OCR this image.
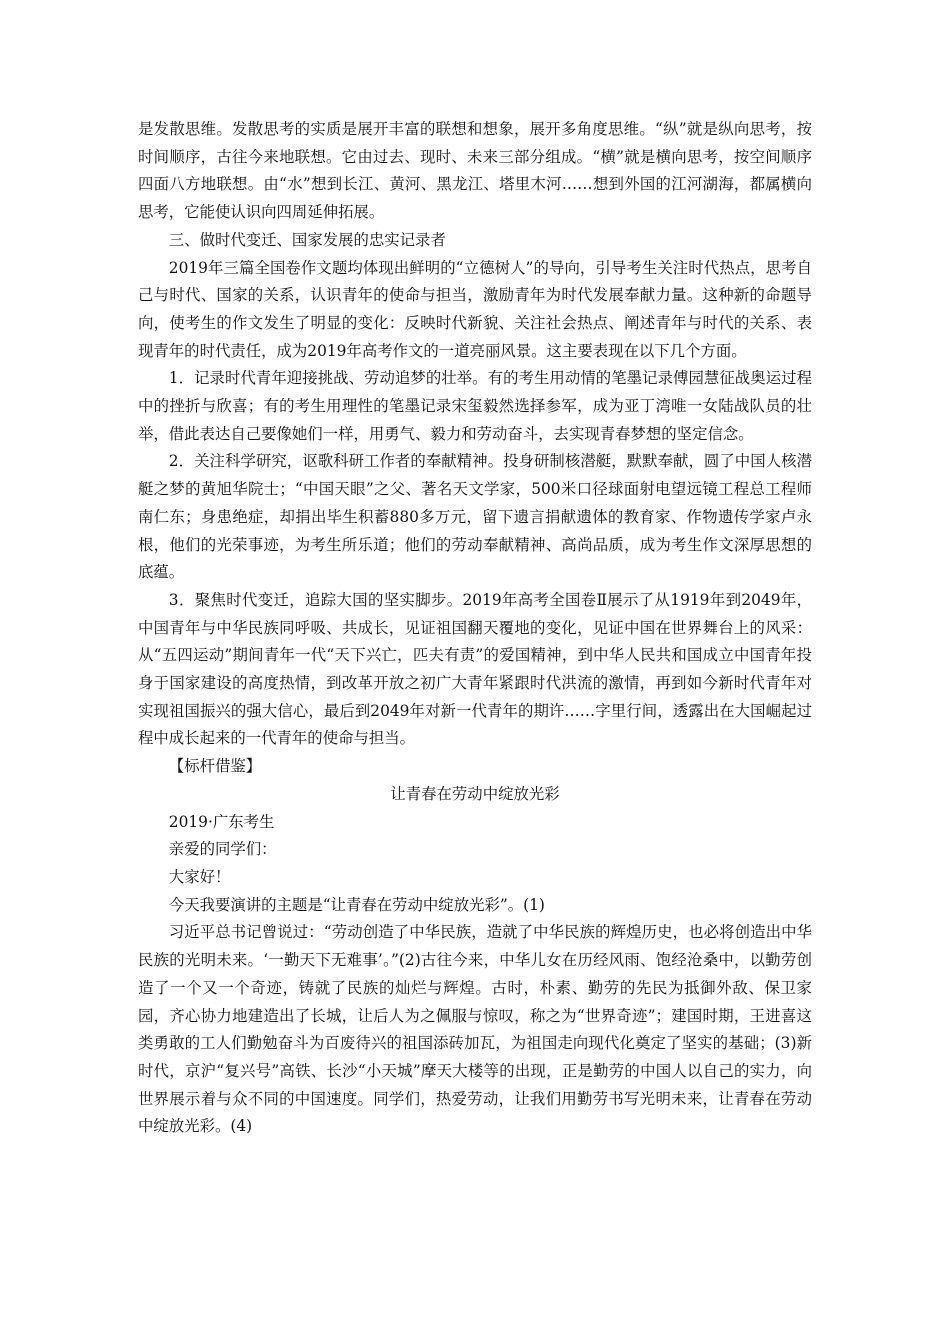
是发散思维。发散思考的实质是展开丰富的联想和想象，展开多角度思维。“纵”就是纵向思考，按时间顺序，古往今来地联想。它由过去、现时、未来三部分组成。“横”就是横向思考，按空间顺序四面八方地联想。由“水”想到长江、黄河、黑龙江、塔里木河……想到外国的江河湖海，都属横向思考，它能使认识向四周延伸拓展。

三、做时代变迁、国家发展的忠实记录者

2019年三篇全国卷作文题均体现出鲜明的“立德树人”的导向，引导考生关注时代热点，思考自己与时代、国家的关系，认识青年的使命与担当，激励青年为时代发展奉献力量。这种新的命题导向，使考生的作文发生了明显的变化：反映时代新貌、关注社会热点、阐述青年与时代的关系、表现青年的时代责任，成为2019年高考作文的一道亮丽风景。这主要表现在以下几个方面。

1．记录时代青年迎接挑战、劳动追梦的壮举。有的考生用动情的笔墨记录傅园慧征战奥运过程中的挫折与欣喜；有的考生用理性的笔墨记录宋玺毅然选择参军，成为亚丁湾唯一女陆战队员的壮举，借此表达自己要像她们一样，用勇气、毅力和劳动奋斗，去实现青春梦想的坚定信念。

2．关注科学研究，讴歌科研工作者的奉献精神。投身研制核潜艇，默默奉献，圆了中国人核潜艇之梦的黄旭华院士；“中国天眼”之父、著名天文学家，500米口径球面射电望远镜工程总工程师南仁东；身患绝症，却捐出毕生积蓄880多万元，留下遗言捐献遗体的教育家、作物遗传学家卢永根，他们的光荣事迹，为考生所乐道；他们的劳动奉献精神、高尚品质，成为考生作文深厚思想的底蕴。

3．聚焦时代变迁，追踪大国的坚实脚步。2019年高考全国卷Ⅱ展示了从1919年到2049年，中国青年与中华民族同呼吸、共成长，见证祖国翻天覆地的变化，见证中国在世界舞台上的风采：从“五四运动”期间青年一代“天下兴亡，匹夫有责”的爱国精神，到中华人民共和国成立中国青年投身于国家建设的高度热情，到改革开放之初广大青年紧跟时代洪流的激情，再到如今新时代青年对实现祖国振兴的强大信心，最后到2049年对新一代青年的期许……字里行间，透露出在大国崛起过程中成长起来的一代青年的使命与担当。

【标杆借鉴】

让青春在劳动中绽放光彩

2019·广东考生

亲爱的同学们：

大家好！

今天我要演讲的主题是“让青春在劳动中绽放光彩”。(1)

习近平总书记曾说过：“劳动创造了中华民族，造就了中华民族的辉煌历史，也必将创造出中华民族的光明未来。‘一勤天下无难事’。”(2)古往今来，中华儿女在历经风雨、饱经沧桑中，以勤劳创造了一个又一个奇迹，铸就了民族的灿烂与辉煌。古时，朴素、勤劳的先民为抵御外敌、保卫家园，齐心协力地建造出了长城，让后人为之佩服与惊叹，称之为“世界奇迹”；建国时期，王进喜这类勇敢的工人们勤勉奋斗为百废待兴的祖国添砖加瓦，为祖国走向现代化奠定了坚实的基础；(3)新时代，京沪“复兴号”高铁、长沙“小天城”摩天大楼等的出现，正是勤劳的中国人以自己的实力，向世界展示着与众不同的中国速度。同学们，热爱劳动，让我们用勤劳书写光明未来，让青春在劳动中绽放光彩。(4)
